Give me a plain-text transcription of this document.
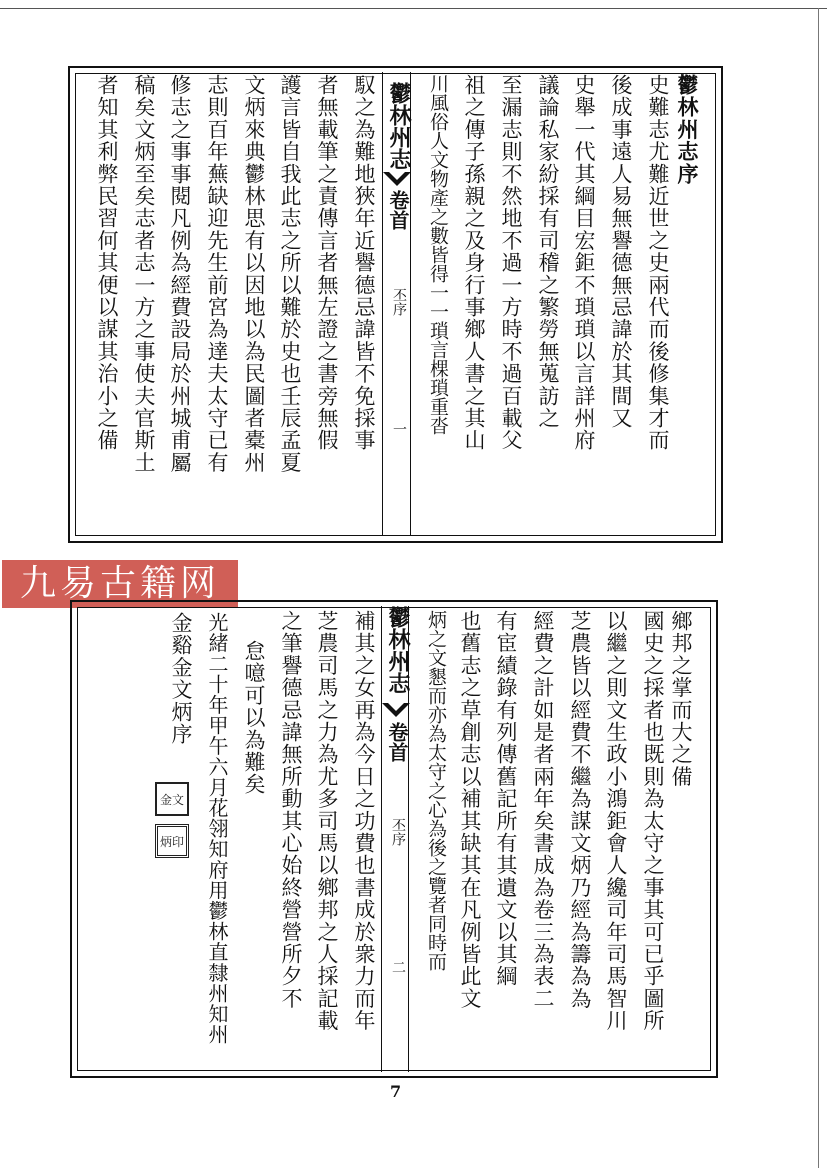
鬱林州志序
史難志尤難近世之史兩代而後修集才而
後成事遠人易無譽德無忌諱於其間又
史舉一代其綱目宏鉅不瑣瑣以言詳州府
議論私家紛採有司稽之繁勞無蒐訪之
至漏志則不然地不過一方時不過百載父
祖之傳子孫親之及身行事鄉人書之其山
川風俗人文物產之數皆得一一瑣言棵瑣重沓
鬱林州志
卷首
丕序
一
馭之為難地狹年近譽德忌諱皆不免採事
者無載筆之責傳言者無左證之書旁無假
護言皆自我此志之所以難於史也壬辰孟夏
文炳來典鬱林思有以因地以為民圖者橐州
志則百年蕪缺迎先生前宮為達夫太守已有
修志之事事閱凡例為經費設局於州城甫屬
稿矣文炳至矣志者志一方之事使夫官斯土
者知其利弊民習何其便以謀其治小之備
九易古籍网
鄉邦之掌而大之備
國史之採者也既則為太守之事其可已乎圖所
以繼之則文生政小鴻鉅會人纔司年司馬智川
芝農皆以經費不繼為謀文炳乃經為籌為為
經費之計如是者兩年矣書成為卷三為表二
有宦績錄有列傳舊記所有其遺文以其綱
也舊志之草創志以補其缺其在凡例皆此文
炳之文懇而亦為太守之心為後之覽者同時而
鬱林州志
卷首
丕序
二
補其之女再為今日之功費也書成於衆力而年
芝農司馬之力為尤多司馬以鄉邦之人採記載
之筆譽德忌諱無所動其心始終營營所夕不
怠噫可以為難矣
光緒二十年甲午六月花翎知府用鬱林直隸州知州
金谿金文炳序
金文
炳印
7
